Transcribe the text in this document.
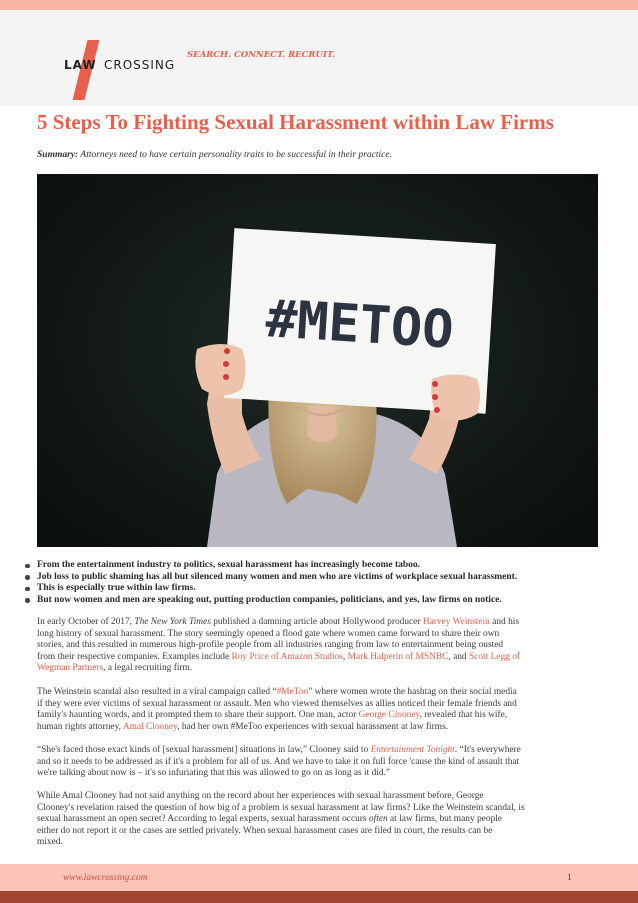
LAW CROSSING
SEARCH. CONNECT. RECRUIT.
5 Steps To Fighting Sexual Harassment within Law Firms

Summary: Attorneys need to have certain personality traits to be successful in their practice.

#METOO
From the entertainment industry to politics, sexual harassment has increasingly become taboo.
Job loss to public shaming has all but silenced many women and men who are victims of workplace sexual harassment.
This is especially true within law firms.
But now women and men are speaking out, putting production companies, politicians, and yes, law firms on notice.
In early October of 2017, The New York Times published a damning article about Hollywood producer Harvey Weinstein and his
long history of sexual harassment. The story seemingly opened a flood gate where women came forward to share their own
stories, and this resulted in numerous high-profile people from all industries ranging from law to entertainment being ousted
from their respective companies. Examples include Roy Price of Amazon Studios, Mark Halperin of MSNBC, and Scott Legg of
Wegman Partners, a legal recruiting firm.
The Weinstein scandal also resulted in a viral campaign called “#MeToo” where women wrote the hashtag on their social media
if they were ever victims of sexual harassment or assault. Men who viewed themselves as allies noticed their female friends and
family's haunting words, and it prompted them to share their support. One man, actor George Clooney, revealed that his wife,
human rights attorney, Amal Clooney, had her own #MeToo experiences with sexual harassment at law firms.
“She's faced those exact kinds of [sexual harassment] situations in law,” Clooney said to Entertainment Tonight. “It's everywhere
and so it needs to be addressed as if it's a problem for all of us. And we have to take it on full force 'cause the kind of assault that
we're talking about now is – it's so infuriating that this was allowed to go on as long as it did.”
While Amal Clooney had not said anything on the record about her experiences with sexual harassment before, George
Clooney's revelation raised the question of how big of a problem is sexual harassment at law firms? Like the Weinstein scandal, is
sexual harassment an open secret? According to legal experts, sexual harassment occurs often at law firms, but many people
either do not report it or the cases are settled privately. When sexual harassment cases are filed in court, the results can be
mixed.
www.lawcrossing.com	1
